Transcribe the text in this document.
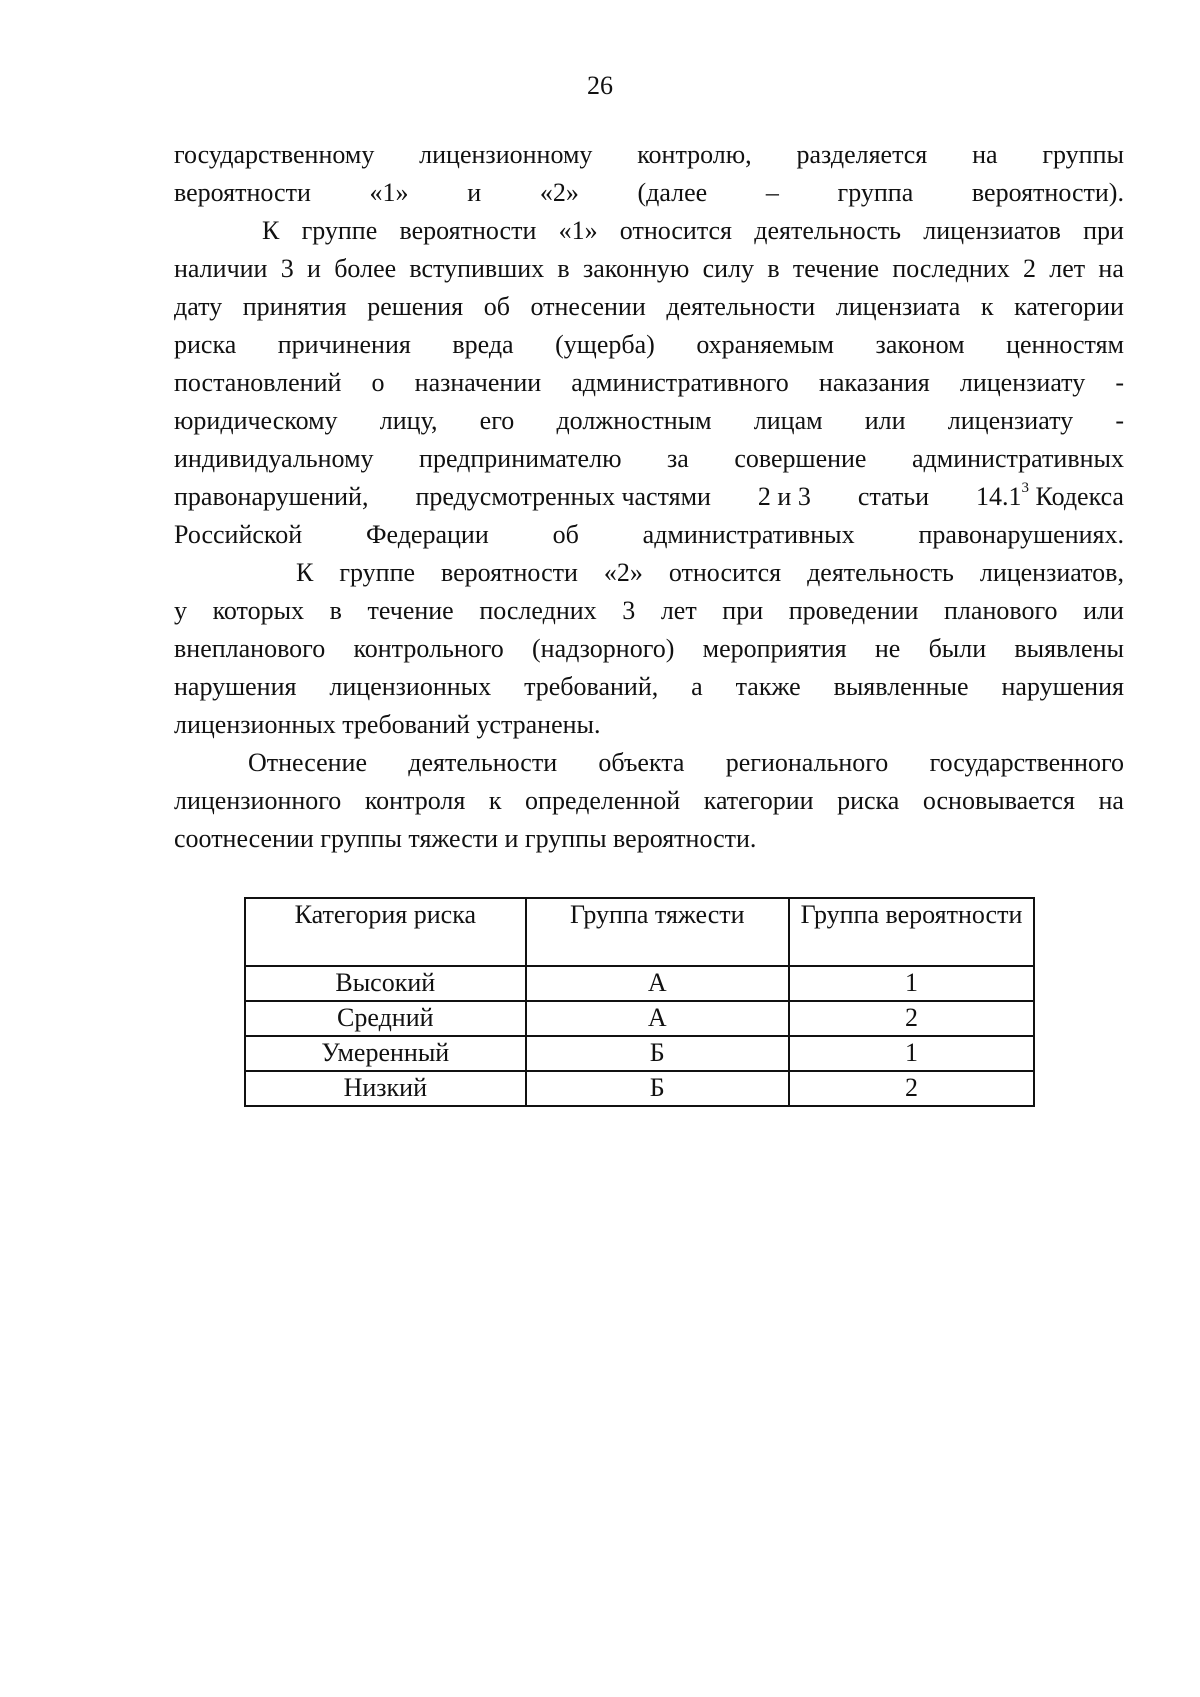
26
государственному лицензионному контролю, разделяется на группы
вероятности «1» и «2» (далее – группа вероятности).
К группе вероятности «1» относится деятельность лицензиатов при
наличии 3 и более вступивших в законную силу в течение последних 2 лет на
дату принятия решения об отнесении деятельности лицензиата к категории
риска причинения вреда (ущерба) охраняемым законом ценностям
постановлений о назначении административного наказания лицензиату -
юридическому лицу, его должностным лицам или лицензиату -
индивидуальному предпринимателю за совершение административных
правонарушений, предусмотренных частями 2 и 3 статьи 14.1$^3$ Кодекса
Российской Федерации об административных правонарушениях.
К группе вероятности «2» относится деятельность лицензиатов,
у которых в течение последних 3 лет при проведении планового или
внепланового контрольного (надзорного) мероприятия не были выявлены
нарушения лицензионных требований, а также выявленные нарушения
лицензионных требований устранены.
Отнесение деятельности объекта регионального государственного
лицензионного контроля к определенной категории риска основывается на
соотнесении группы тяжести и группы вероятности.
Категория риска	Группа тяжести	Группа вероятности
Высокий	А	1
Средний	А	2
Умеренный	Б	1
Низкий	Б	2
